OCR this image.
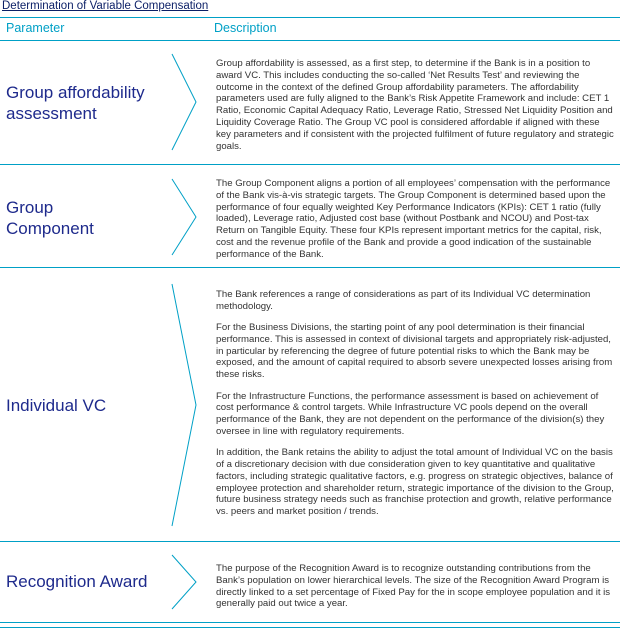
Determination of Variable Compensation
Parameter	Description
Group affordability assessment

Group affordability is assessed, as a first step, to determine if the Bank is in a position to award VC. This includes conducting the so-called ‘Net Results Test’ and reviewing the outcome in the context of the defined Group affordability parameters. The affordability parameters used are fully aligned to the Bank’s Risk Appetite Framework and include: CET 1 Ratio, Economic Capital Adequacy Ratio, Leverage Ratio, Stressed Net Liquidity Position and Liquidity Coverage Ratio. The Group VC pool is considered affordable if aligned with these key parameters and if consistent with the projected fulfilment of future regulatory and strategic goals.

Group Component

The Group Component aligns a portion of all employees’ compensation with the performance of the Bank vis-à-vis strategic targets. The Group Component is determined based upon the performance of four equally weighted Key Performance Indicators (KPIs): CET 1 ratio (fully loaded), Leverage ratio, Adjusted cost base (without Postbank and NCOU) and Post-tax Return on Tangible Equity. These four KPIs represent important metrics for the capital, risk, cost and the revenue profile of the Bank and provide a good indication of the sustainable performance of the Bank.

Individual VC

The Bank references a range of considerations as part of its Individual VC determination methodology.

For the Business Divisions, the starting point of any pool determination is their financial performance. This is assessed in context of divisional targets and appropriately risk-adjusted, in particular by referencing the degree of future potential risks to which the Bank may be exposed, and the amount of capital required to absorb severe unexpected losses arising from these risks.

For the Infrastructure Functions, the performance assessment is based on achievement of cost performance & control targets. While Infrastructure VC pools depend on the overall performance of the Bank, they are not dependent on the performance of the division(s) they oversee in line with regulatory requirements.

In addition, the Bank retains the ability to adjust the total amount of Individual VC on the basis of a discretionary decision with due consideration given to key quantitative and qualitative factors, including strategic qualitative factors, e.g. progress on strategic objectives, balance of employee protection and shareholder return, strategic importance of the division to the Group, future business strategy needs such as franchise protection and growth, relative performance vs. peers and market position / trends.

Recognition Award

The purpose of the Recognition Award is to recognize outstanding contributions from the Bank’s population on lower hierarchical levels. The size of the Recognition Award Program is directly linked to a set percentage of Fixed Pay for the in scope employee population and it is generally paid out twice a year.
